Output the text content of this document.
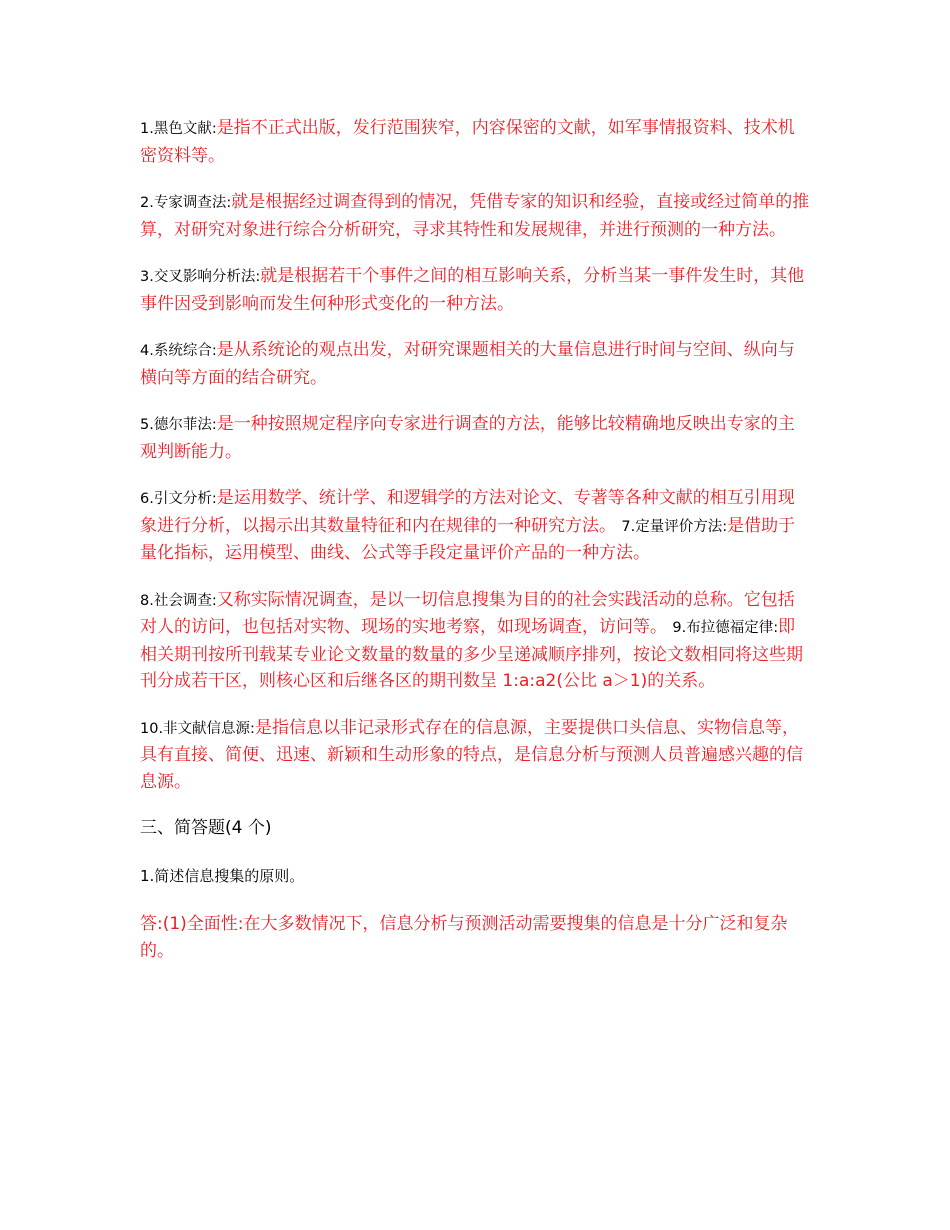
1.黑色文献:是指不正式出版，发行范围狭窄，内容保密的文献，如军事情报资料、技术机密资料等。

2.专家调查法:就是根据经过调查得到的情况，凭借专家的知识和经验，直接或经过简单的推算，对研究对象进行综合分析研究，寻求其特性和发展规律，并进行预测的一种方法。

3.交叉影响分析法:就是根据若干个事件之间的相互影响关系，分析当某一事件发生时，其他事件因受到影响而发生何种形式变化的一种方法。

4.系统综合:是从系统论的观点出发，对研究课题相关的大量信息进行时间与空间、纵向与横向等方面的结合研究。

5.德尔菲法:是一种按照规定程序向专家进行调查的方法，能够比较精确地反映出专家的主观判断能力。

6.引文分析:是运用数学、统计学、和逻辑学的方法对论文、专著等各种文献的相互引用现象进行分析，以揭示出其数量特征和内在规律的一种研究方法。 7.定量评价方法:是借助于量化指标，运用模型、曲线、公式等手段定量评价产品的一种方法。

8.社会调查:又称实际情况调查，是以一切信息搜集为目的的社会实践活动的总称。它包括对人的访问，也包括对实物、现场的实地考察，如现场调查，访问等。 9.布拉德福定律:即相关期刊按所刊载某专业论文数量的数量的多少呈递减顺序排列，按论文数相同将这些期刊分成若干区，则核心区和后继各区的期刊数呈 1:a:a2(公比 a＞1)的关系。

10.非文献信息源:是指信息以非记录形式存在的信息源，主要提供口头信息、实物信息等，具有直接、简便、迅速、新颖和生动形象的特点，是信息分析与预测人员普遍感兴趣的信息源。

三、简答题(4 个)
1.简述信息搜集的原则。
答:(1)全面性:在大多数情况下，信息分析与预测活动需要搜集的信息是十分广泛和复杂的。
